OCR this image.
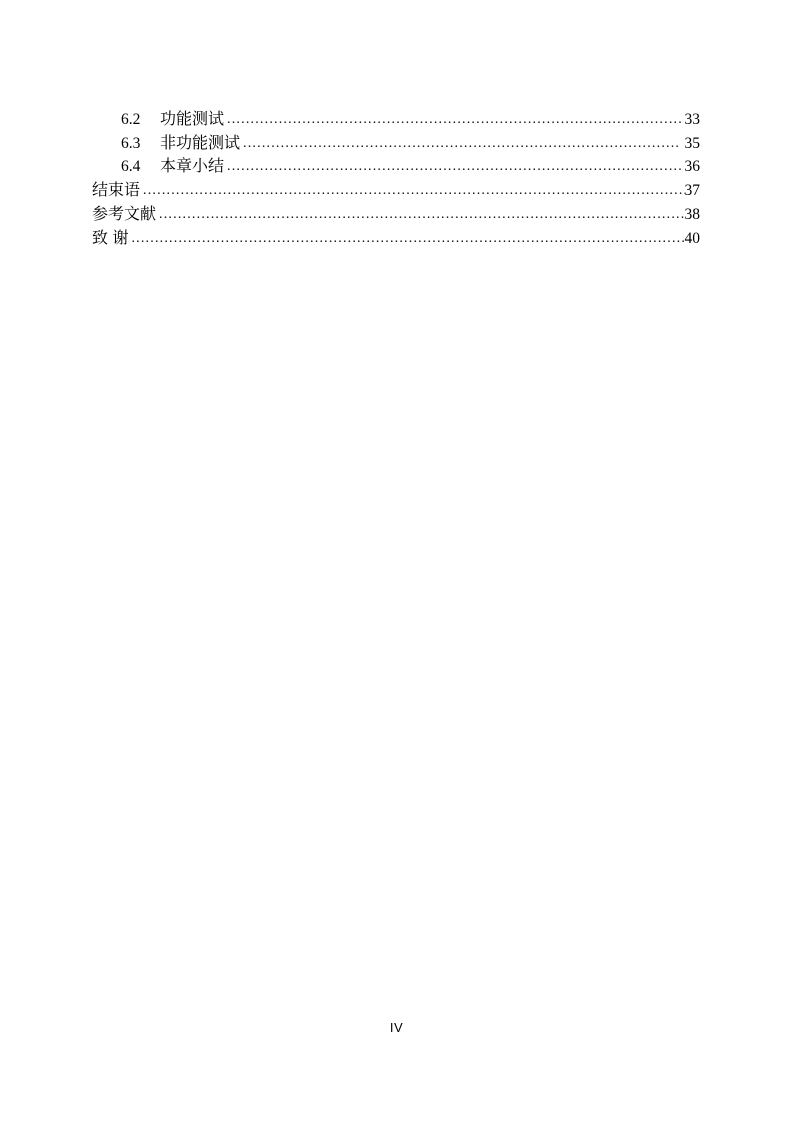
6.2	功能测试 .....	33
6.3	非功能测试 .....	35
6.4	本章小结 .....	36
结束语 .....	37
参考文献 .....	38
致 谢 .....	40
IV
